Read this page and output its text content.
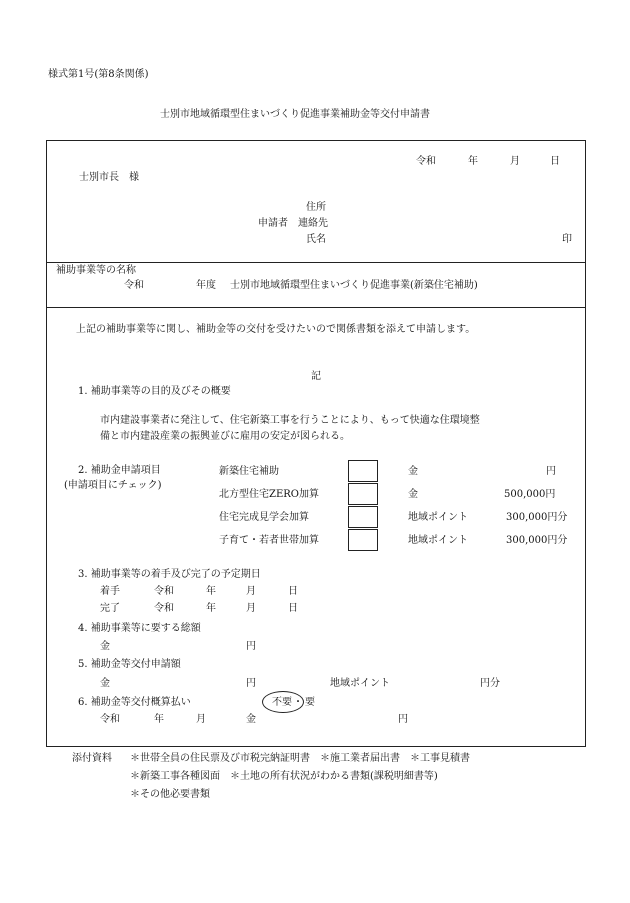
様式第1号(第8条関係)
士別市地域循環型住まいづくり促進事業補助金等交付申請書
令和	年	月	日
士別市長　様
住所
申請者 連絡先
氏名	印
補助事業等の名称
令和	年度 士別市地域循環型住まいづくり促進事業(新築住宅補助)
上記の補助事業等に関し、補助金等の交付を受けたいので関係書類を添えて申請します。
記
1. 補助事業等の目的及びその概要
市内建設事業者に発注して、住宅新築工事を行うことにより、もって快適な住環境整
備と市内建設産業の振興並びに雇用の安定が図られる。
2. 補助金申請項目
(申請項目にチェック)
新築住宅補助	金	円
北方型住宅ZERO加算	金	500,000円
住宅完成見学会加算	地域ポイント	300,000円分
子育て・若者世帯加算	地域ポイント	300,000円分
3. 補助事業等の着手及び完了の予定期日
着手	令和	年	月	日
完了	令和	年	月	日
4. 補助事業等に要する総額
金	円
5. 補助金等交付申請額
金	円	地域ポイント	円分
6. 補助金等交付概算払い	不要 ・ 要
令和	年	月	金	円
添付資料 ＊世帯全員の住民票及び市税完納証明書　＊施工業者届出書　＊工事見積書
＊新築工事各種図面　＊土地の所有状況がわかる書類(課税明細書等)
＊その他必要書類
